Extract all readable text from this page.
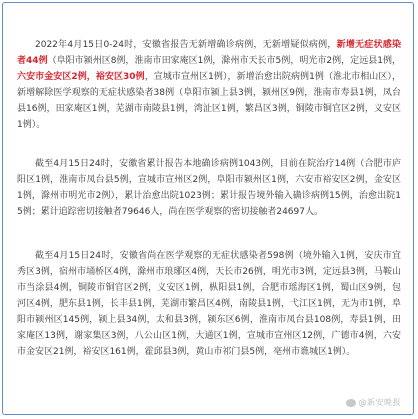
2022年4月15日0-24时，安徽省报告无新增确诊病例，无新增疑似病例，新增无症状感染者44例（阜阳市颍州区8例，淮南市田家庵区1例，滁州市天长市5例，明光市2例，定远县1例，六安市金安区2例，裕安区30例，宣城市宣州区1例），新增治愈出院病例1例（淮北市相山区），新增解除医学观察的无症状感染者38例（阜阳市颍上县3例，颍州区9例，淮南市寿县1例，凤台县16例，田家庵区1例，芜湖市南陵县1例，湾沚区1例，繁昌区3例，铜陵市铜官区2例，义安区1例）。

截至4月15日24时，安徽省累计报告本地确诊病例1043例，目前在院治疗14例（合肥市庐阳区1例，淮南市凤台县5例，宣城市宣州区2例，阜阳市颍州区1例，六安市裕安区2例，金安区1例，滁州市明光市2例），累计治愈出院1023例；累计报告境外输入确诊病例15例，治愈出院15例；累计追踪密切接触者79646人，尚在医学观察的密切接触者24697人。

截至4月15日24时，安徽省尚在医学观察的无症状感染者598例（境外输入1例，安庆市宜秀区3例，宿州市埇桥区4例，滁州市琅琊区4例，天长市26例，明光市3例，定远县3例，马鞍山市当涂县4例，铜陵市铜官区2例，义安区1例，枞阳县1例，合肥市瑶海区1例，蜀山区9例，包河区4例，肥东县1例，长丰县1例，芜湖市繁昌区4例，南陵县1例，弋江区1例，无为市1例，阜阳市颍州区145例，颍上县34例，太和县3例，颍东区6例，淮南市凤台县108例，寿县1例，田家庵区13例，谢家集区3例，八公山区1例，大通区1例，宣城市宣州区12例，广德市4例，六安市金安区21例，裕安区161例，霍邱县3例，黄山市祁门县5例，亳州市谯城区1例）。

@新安晚报
